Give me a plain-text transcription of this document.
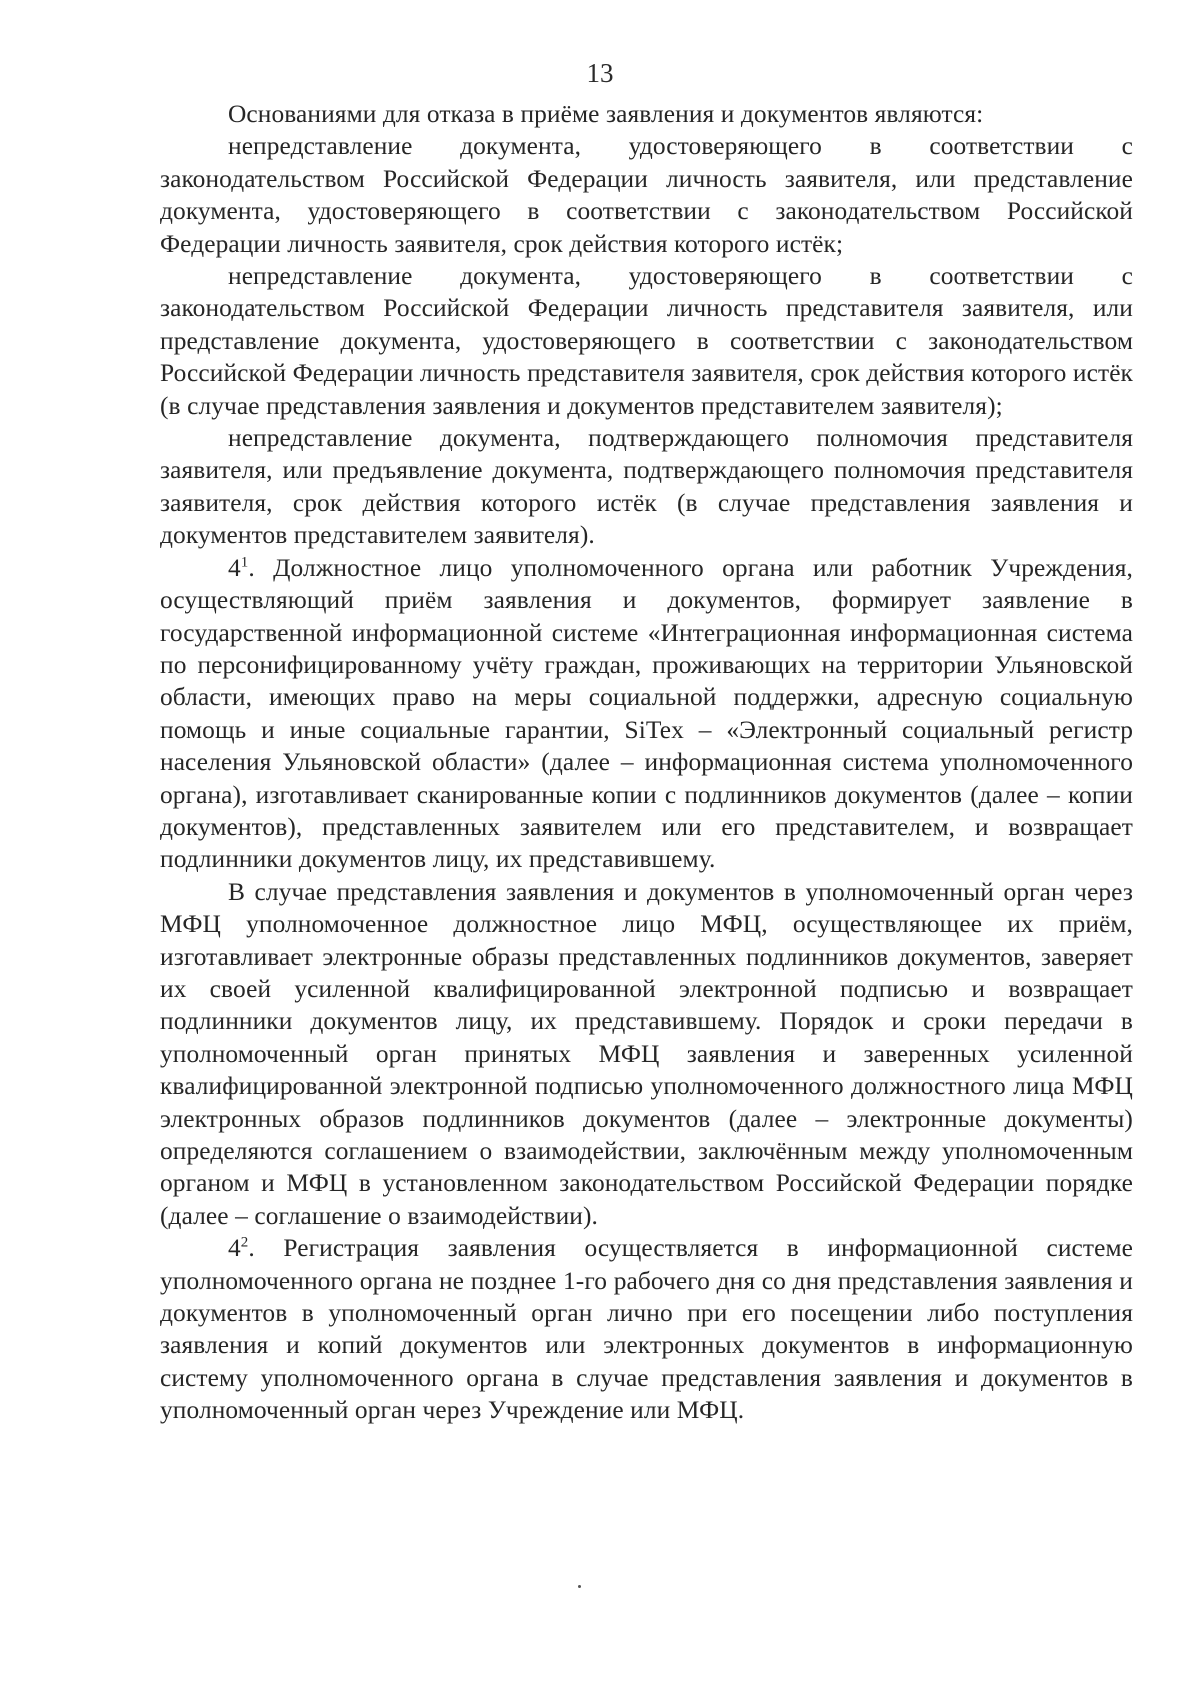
13

Основаниями для отказа в приёме заявления и документов являются:

непредставление документа, удостоверяющего в соответствии с законодательством Российской Федерации личность заявителя, или представление документа, удостоверяющего в соответствии с законодательством Российской Федерации личность заявителя, срок действия которого истёк;

непредставление документа, удостоверяющего в соответствии с законодательством Российской Федерации личность представителя заявителя, или представление документа, удостоверяющего в соответствии с законодательством Российской Федерации личность представителя заявителя, срок действия которого истёк (в случае представления заявления и документов представителем заявителя);

непредставление документа, подтверждающего полномочия представителя заявителя, или предъявление документа, подтверждающего полномочия представителя заявителя, срок действия которого истёк (в случае представления заявления и документов представителем заявителя).

$4^1$. Должностное лицо уполномоченного органа или работник Учреждения, осуществляющий приём заявления и документов, формирует заявление в государственной информационной системе «Интеграционная информационная система по персонифицированному учёту граждан, проживающих на территории Ульяновской области, имеющих право на меры социальной поддержки, адресную социальную помощь и иные социальные гарантии, SiTex – «Электронный социальный регистр населения Ульяновской области» (далее – информационная система уполномоченного органа), изготавливает сканированные копии с подлинников документов (далее – копии документов), представленных заявителем или его представителем, и возвращает подлинники документов лицу, их представившему.

В случае представления заявления и документов в уполномоченный орган через МФЦ уполномоченное должностное лицо МФЦ, осуществляющее их приём, изготавливает электронные образы представленных подлинников документов, заверяет их своей усиленной квалифицированной электронной подписью и возвращает подлинники документов лицу, их представившему. Порядок и сроки передачи в уполномоченный орган принятых МФЦ заявления и заверенных усиленной квалифицированной электронной подписью уполномоченного должностного лица МФЦ электронных образов подлинников документов (далее – электронные документы) определяются соглашением о взаимодействии, заключённым между уполномоченным органом и МФЦ в установленном законодательством Российской Федерации порядке (далее – соглашение о взаимодействии).

$4^2$. Регистрация заявления осуществляется в информационной системе уполномоченного органа не позднее 1-го рабочего дня со дня представления заявления и документов в уполномоченный орган лично при его посещении либо поступления заявления и копий документов или электронных документов в информационную систему уполномоченного органа в случае представления заявления и документов в уполномоченный орган через Учреждение или МФЦ.
